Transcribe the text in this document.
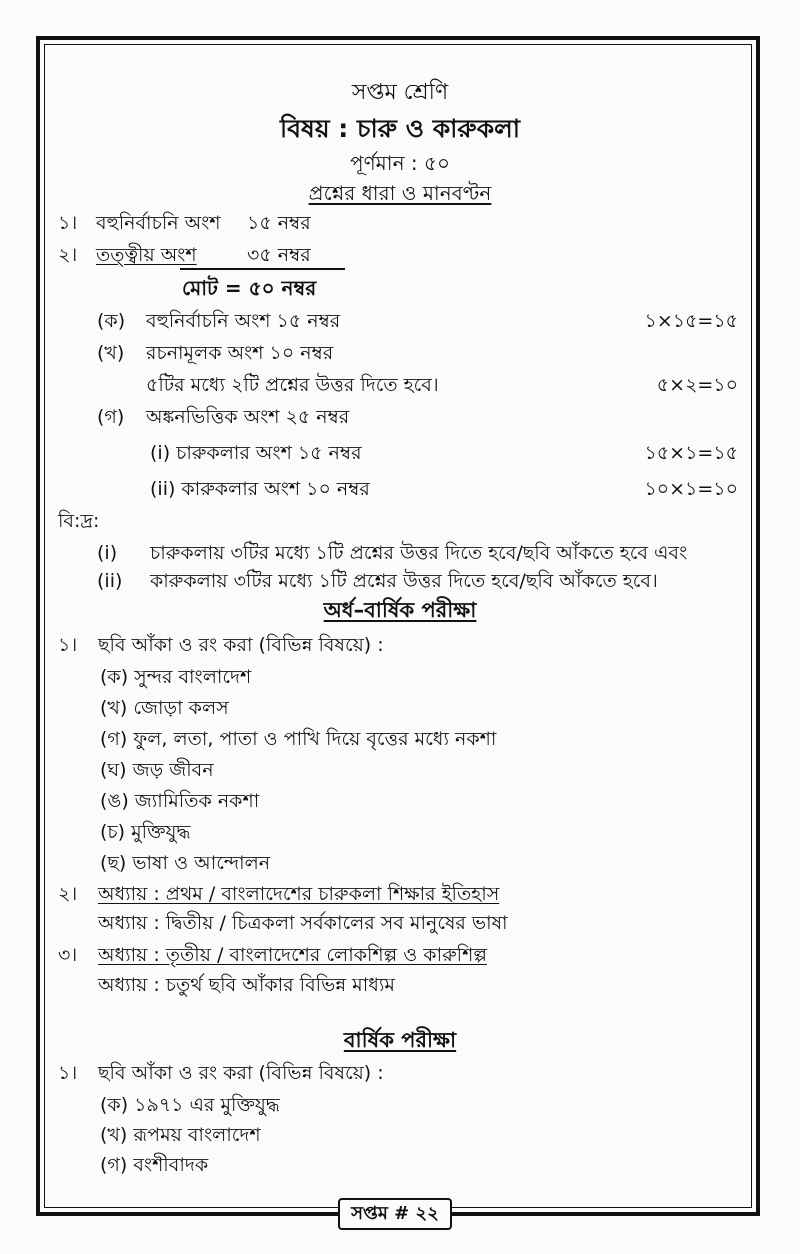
সপ্তম শ্রেণি
বিষয় : চারু ও কারুকলা
পূর্ণমান : ৫০
প্রশ্নের ধারা ও মানবণ্টন
১। বহুনির্বাচনি অংশ ১৫ নম্বর
২। তত্ত্বীয় অংশ	৩৫ নম্বর
মোট = ৫০ নম্বর
(ক) বহুনির্বাচনি অংশ ১৫ নম্বর	১×১৫=১৫
(খ) রচনামূলক অংশ ১০ নম্বর
৫টির মধ্যে ২টি প্রশ্নের উত্তর দিতে হবে।	৫×২=১০
(গ) অঙ্কনভিত্তিক অংশ ২৫ নম্বর
(i) চারুকলার অংশ ১৫ নম্বর	১৫×১=১৫
(ii) কারুকলার অংশ ১০ নম্বর	১০×১=১০
বি:দ্র:
(i) চারুকলায় ৩টির মধ্যে ১টি প্রশ্নের উত্তর দিতে হবে/ছবি আঁকতে হবে এবং
(ii) কারুকলায় ৩টির মধ্যে ১টি প্রশ্নের উত্তর দিতে হবে/ছবি আঁকতে হবে।
অর্ধ–বার্ষিক পরীক্ষা
১। ছবি আঁকা ও রং করা (বিভিন্ন বিষয়ে) :
(ক) সুন্দর বাংলাদেশ
(খ) জোড়া কলস
(গ) ফুল, লতা, পাতা ও পাখি দিয়ে বৃত্তের মধ্যে নকশা
(ঘ) জড় জীবন
(ঙ) জ্যামিতিক নকশা
(চ) মুক্তিযুদ্ধ
(ছ) ভাষা ও আন্দোলন
২। অধ্যায় : প্রথম / বাংলাদেশের চারুকলা শিক্ষার ইতিহাস
অধ্যায় : দ্বিতীয় / চিত্রকলা সর্বকালের সব মানুষের ভাষা
৩। অধ্যায় : তৃতীয় / বাংলাদেশের লোকশিল্প ও কারুশিল্প
অধ্যায় : চতুর্থ ছবি আঁকার বিভিন্ন মাধ্যম
বার্ষিক পরীক্ষা
১। ছবি আঁকা ও রং করা (বিভিন্ন বিষয়ে) :
(ক) ১৯৭১ এর মুক্তিযুদ্ধ
(খ) রূপময় বাংলাদেশ
(গ) বংশীবাদক
সপ্তম # ২২
